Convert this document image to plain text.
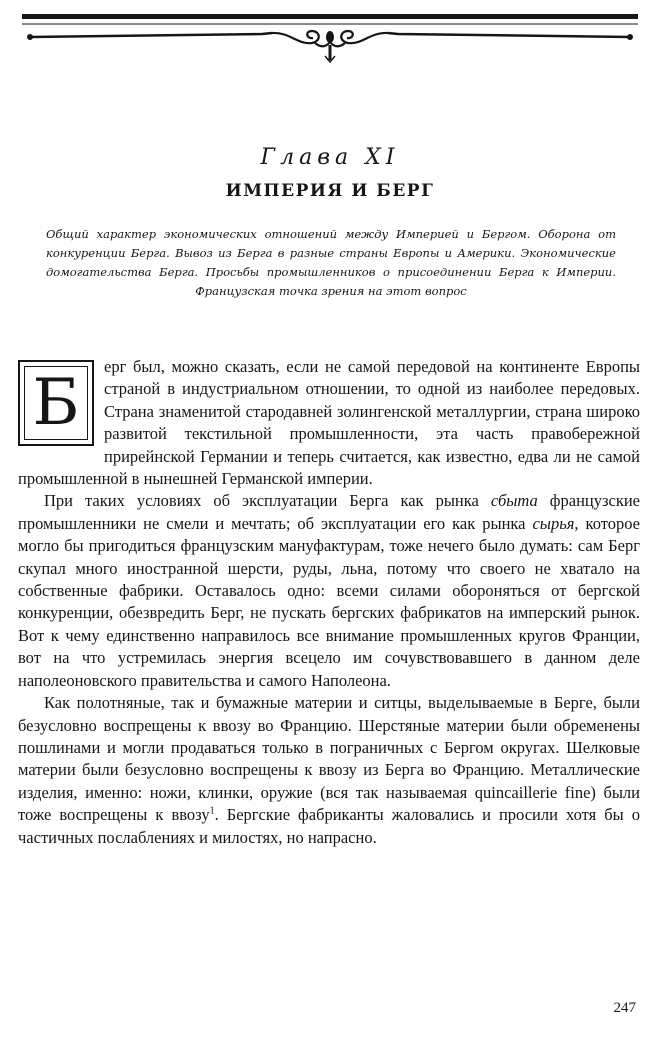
Глава XI
ИМПЕРИЯ И БЕРГ
Общий характер экономических отношений между Империей и Бергом. Оборона от конкуренции Берга. Вывоз из Берга в разные страны Европы и Америки. Экономические домогательства Берга. Просьбы промышленников о присоединении Берга к Империи. Французская точка зрения на этот вопрос

Б	ерг был, можно сказать, если не самой передовой на континенте Европы страной в индустриальном отношении, то одной из наиболее передовых. Страна знаменитой стародавней золингенской металлургии, страна широко развитой текстильной промышленности, эта часть правобережной прирейнской Германии и теперь считается, как известно, едва ли не самой промышленной в нынешней Германской империи.

При таких условиях об эксплуатации Берга как рынка сбыта французские промышленники не смели и мечтать; об эксплуатации его как рынка сырья, которое могло бы пригодиться французским мануфактурам, тоже нечего было думать: сам Берг скупал много иностранной шерсти, руды, льна, потому что своего не хватало на собственные фабрики. Оставалось одно: всеми силами обороняться от бергской конкуренции, обезвредить Берг, не пускать бергских фабрикатов на имперский рынок. Вот к чему единственно направилось все внимание промышленных кругов Франции, вот на что устремилась энергия всецело им сочувствовавшего в данном деле наполеоновского правительства и самого Наполеона.

Как полотняные, так и бумажные материи и ситцы, выделываемые в Берге, были безусловно воспрещены к ввозу во Францию. Шерстяные материи были обременены пошлинами и могли продаваться только в пограничных с Бергом округах. Шелковые материи были безусловно воспрещены к ввозу из Берга во Францию. Металлические изделия, именно: ножи, клинки, оружие (вся так называемая quincaillerie fine) были тоже воспрещены к ввозу$^1$. Бергские фабриканты жаловались и просили хотя бы о частичных послаблениях и милостях, но напрасно.

247
